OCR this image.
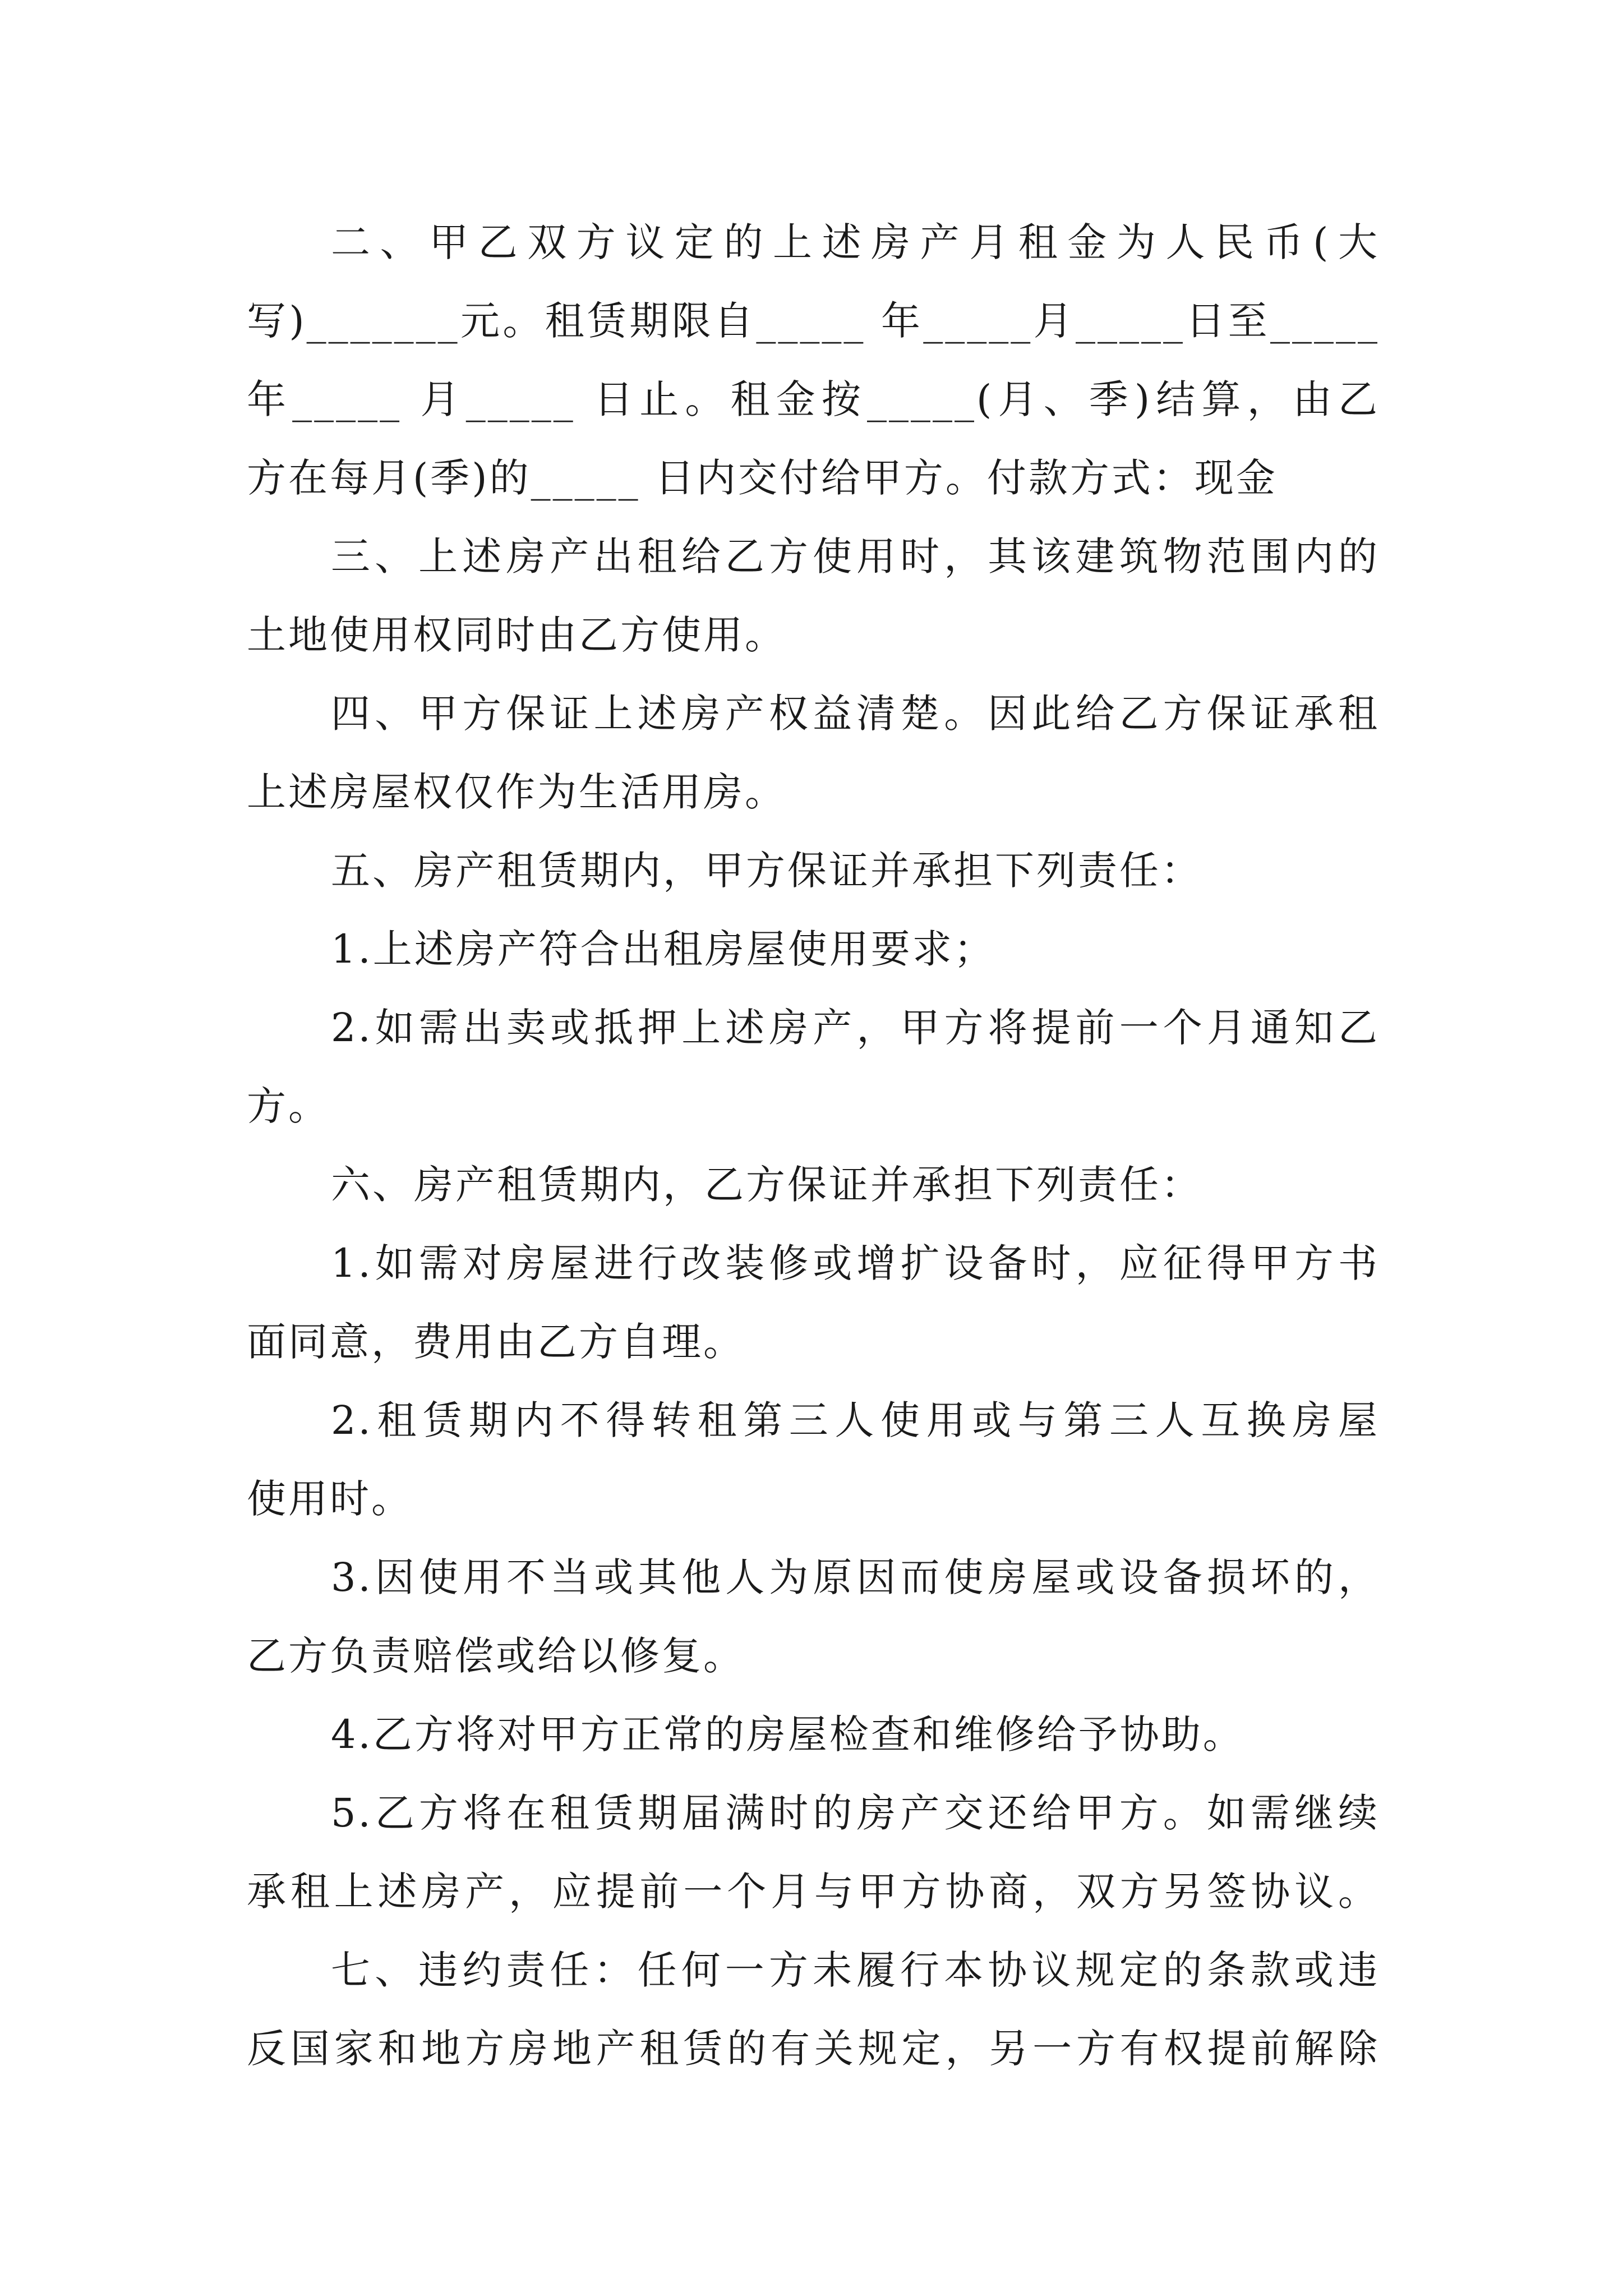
二、甲乙双方议定的上述房产月租金为人民币(大
写)_______元。租赁期限自_____ 年_____月_____日至_____
年_____ 月_____ 日止。租金按_____(月、季)结算，由乙
方在每月(季)的_____ 日内交付给甲方。付款方式：现金
三、上述房产出租给乙方使用时，其该建筑物范围内的
土地使用权同时由乙方使用。
四、甲方保证上述房产权益清楚。因此给乙方保证承租
上述房屋权仅作为生活用房。
五、房产租赁期内，甲方保证并承担下列责任：
1.上述房产符合出租房屋使用要求；
2.如需出卖或抵押上述房产，甲方将提前一个月通知乙
方。
六、房产租赁期内，乙方保证并承担下列责任：
1.如需对房屋进行改装修或增扩设备时，应征得甲方书
面同意，费用由乙方自理。
2.租赁期内不得转租第三人使用或与第三人互换房屋
使用时。
3.因使用不当或其他人为原因而使房屋或设备损坏的，
乙方负责赔偿或给以修复。
4.乙方将对甲方正常的房屋检查和维修给予协助。
5.乙方将在租赁期届满时的房产交还给甲方。如需继续
承租上述房产，应提前一个月与甲方协商，双方另签协议。
七、违约责任：任何一方未履行本协议规定的条款或违
反国家和地方房地产租赁的有关规定，另一方有权提前解除
